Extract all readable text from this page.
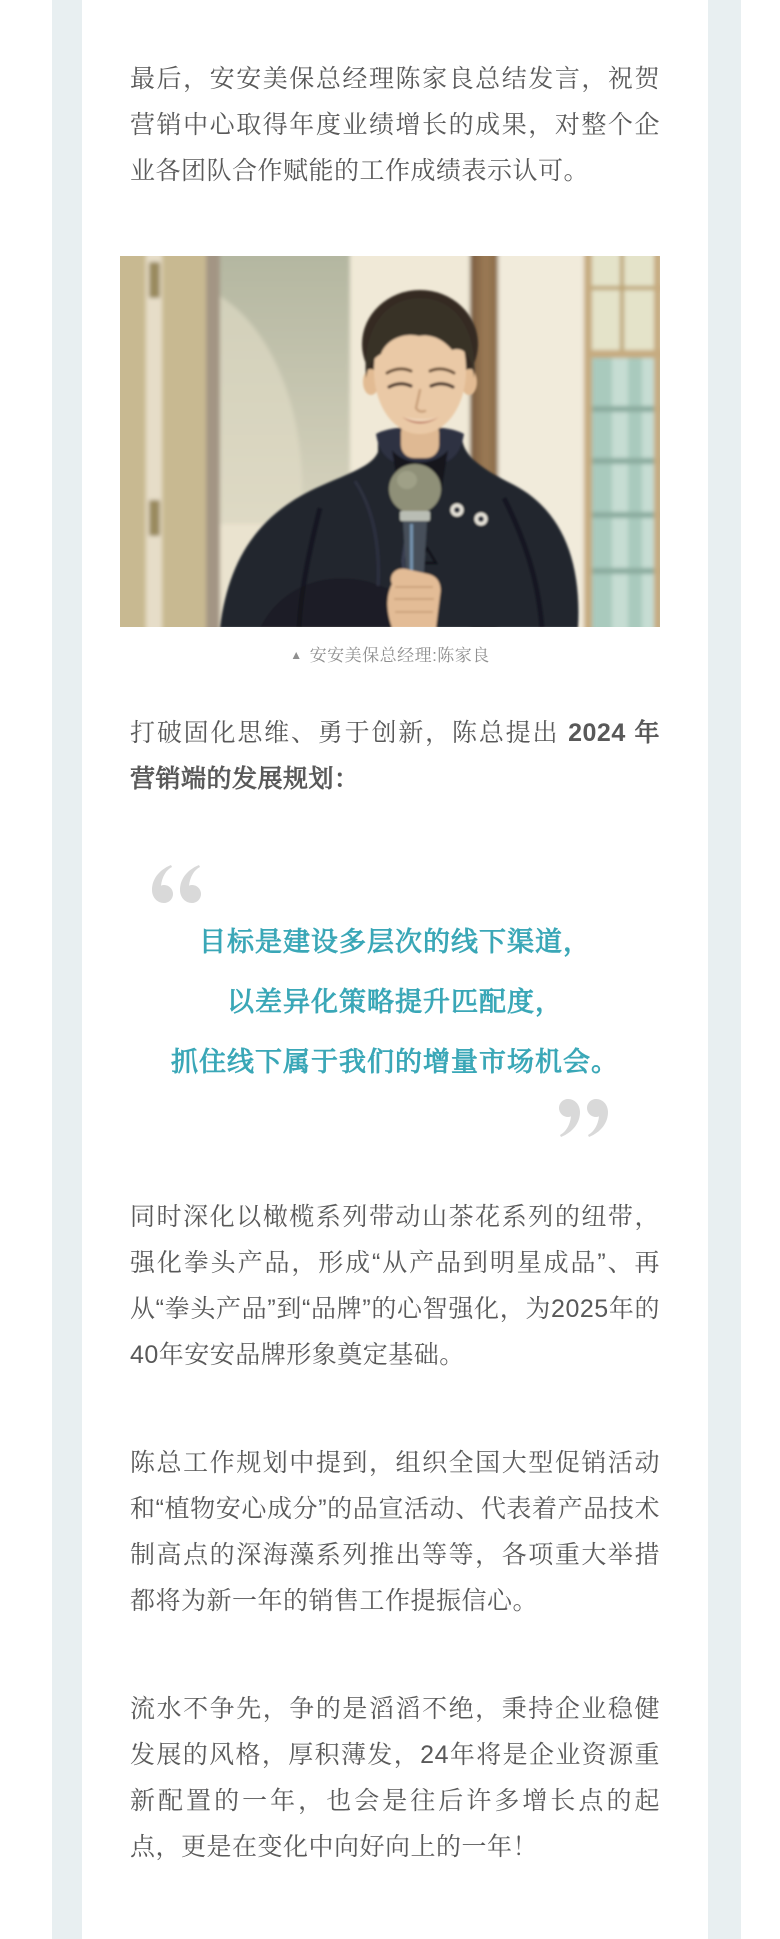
最后，安安美保总经理陈家良总结发言，祝贺营销中心取得年度业绩增长的成果，对整个企业各团队合作赋能的工作成绩表示认可。

▲ 安安美保总经理:陈家良

打破固化思维、勇于创新，陈总提出 2024 年营销端的发展规划：

目标是建设多层次的线下渠道，

以差异化策略提升匹配度，

抓住线下属于我们的增量市场机会。

同时深化以橄榄系列带动山茶花系列的纽带，强化拳头产品，形成“从产品到明星成品”、再从“拳头产品”到“品牌”的心智强化，为2025年的40年安安品牌形象奠定基础。

陈总工作规划中提到，组织全国大型促销活动和“植物安心成分”的品宣活动、代表着产品技术制高点的深海藻系列推出等等，各项重大举措都将为新一年的销售工作提振信心。

流水不争先，争的是滔滔不绝，秉持企业稳健发展的风格，厚积薄发，24年将是企业资源重新配置的一年，也会是往后许多增长点的起点，更是在变化中向好向上的一年！
